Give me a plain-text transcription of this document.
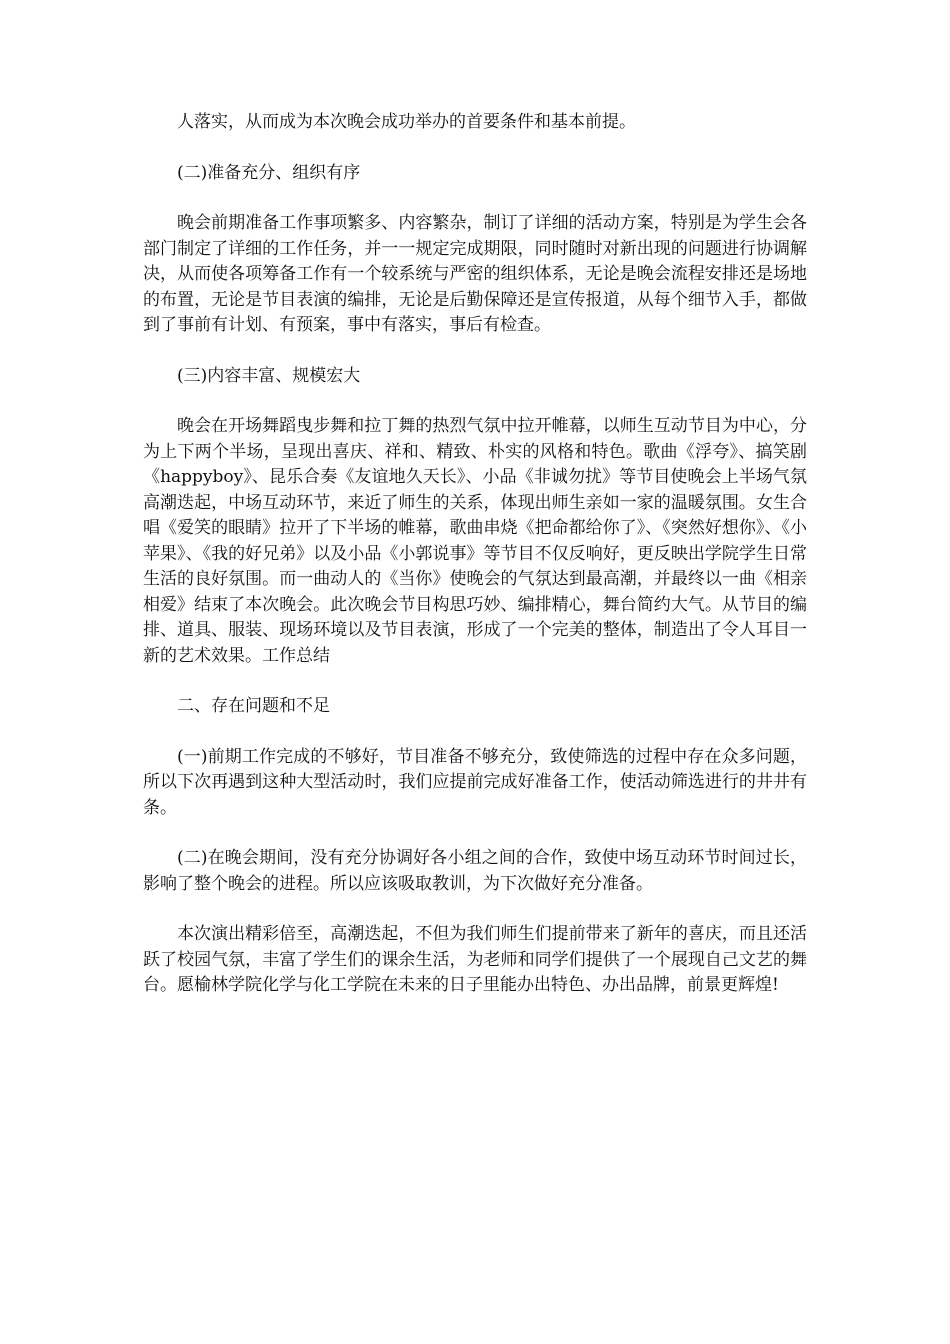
人落实，从而成为本次晚会成功举办的首要条件和基本前提。

(二)准备充分、组织有序

晚会前期准备工作事项繁多、内容繁杂，制订了详细的活动方案，特别是为学生会各部门制定了详细的工作任务，并一一规定完成期限，同时随时对新出现的问题进行协调解决，从而使各项筹备工作有一个较系统与严密的组织体系，无论是晚会流程安排还是场地的布置，无论是节目表演的编排，无论是后勤保障还是宣传报道，从每个细节入手，都做到了事前有计划、有预案，事中有落实，事后有检查。

(三)内容丰富、规模宏大

晚会在开场舞蹈曳步舞和拉丁舞的热烈气氛中拉开帷幕，以师生互动节目为中心，分为上下两个半场，呈现出喜庆、祥和、精致、朴实的风格和特色。歌曲《浮夸》、搞笑剧《happyboy》、昆乐合奏《友谊地久天长》、小品《非诚勿扰》等节目使晚会上半场气氛高潮迭起，中场互动环节，来近了师生的关系，体现出师生亲如一家的温暖氛围。女生合唱《爱笑的眼睛》拉开了下半场的帷幕，歌曲串烧《把命都给你了》、《突然好想你》、《小苹果》、《我的好兄弟》以及小品《小郭说事》等节目不仅反响好，更反映出学院学生日常生活的良好氛围。而一曲动人的《当你》使晚会的气氛达到最高潮，并最终以一曲《相亲相爱》结束了本次晚会。此次晚会节目构思巧妙、编排精心，舞台简约大气。从节目的编排、道具、服装、现场环境以及节目表演，形成了一个完美的整体，制造出了令人耳目一新的艺术效果。工作总结

二、存在问题和不足

(一)前期工作完成的不够好，节目准备不够充分，致使筛选的过程中存在众多问题，所以下次再遇到这种大型活动时，我们应提前完成好准备工作，使活动筛选进行的井井有条。

(二)在晚会期间，没有充分协调好各小组之间的合作，致使中场互动环节时间过长，影响了整个晚会的进程。所以应该吸取教训，为下次做好充分准备。

本次演出精彩倍至，高潮迭起，不但为我们师生们提前带来了新年的喜庆，而且还活跃了校园气氛，丰富了学生们的课余生活，为老师和同学们提供了一个展现自己文艺的舞台。愿榆林学院化学与化工学院在未来的日子里能办出特色、办出品牌，前景更辉煌!
